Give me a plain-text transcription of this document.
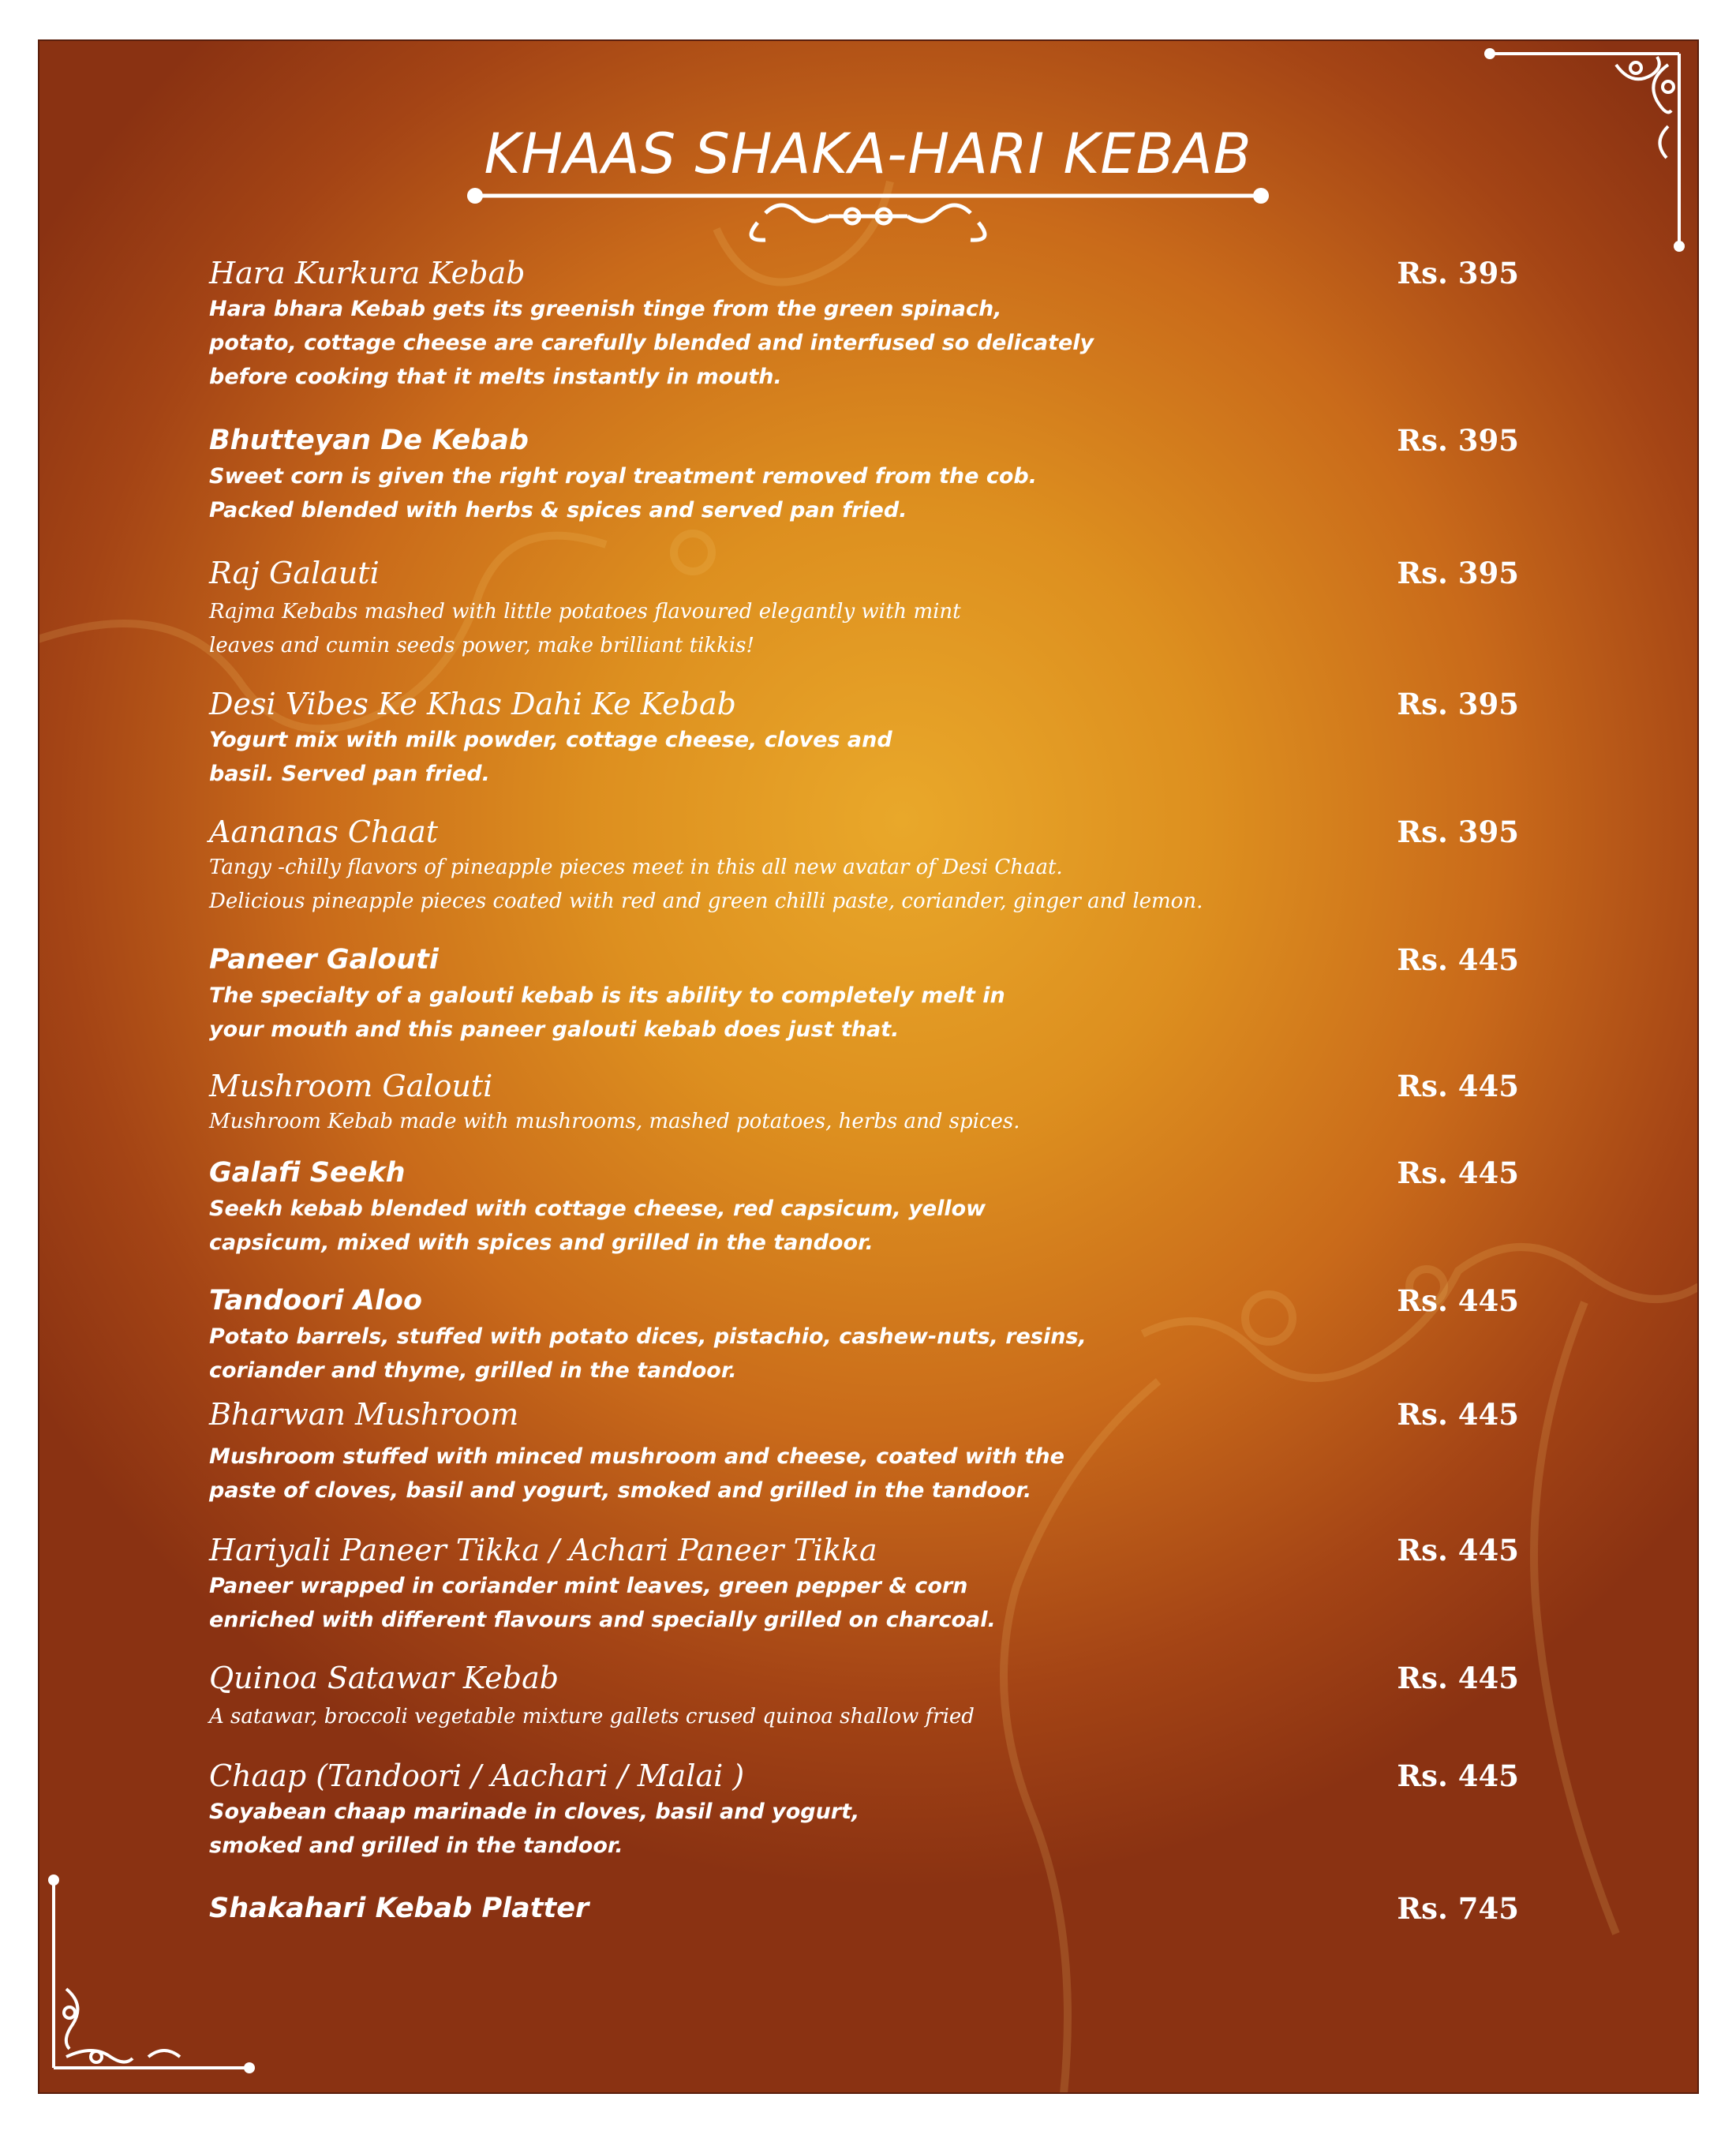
KHAAS SHAKA-HARI KEBAB
Hara Kurkura Kebab
Hara bhara Kebab gets its greenish tinge from the green spinach,
potato, cottage cheese are carefully blended and interfused so delicately
before cooking that it melts instantly in mouth.
Rs. 395
Bhutteyan De Kebab
Sweet corn is given the right royal treatment removed from the cob.
Packed blended with herbs & spices and served pan fried.
Rs. 395
Raj Galauti
Rajma Kebabs mashed with little potatoes flavoured elegantly with mint
leaves and cumin seeds power, make brilliant tikkis!
Rs. 395
Desi Vibes Ke Khas Dahi Ke Kebab
Yogurt mix with milk powder, cottage cheese, cloves and
basil. Served pan fried.
Rs. 395
Aananas Chaat
Tangy -chilly flavors of pineapple pieces meet in this all new avatar of Desi Chaat.
Delicious pineapple pieces coated with red and green chilli paste, coriander, ginger and lemon.
Rs. 395
Paneer Galouti
The specialty of a galouti kebab is its ability to completely melt in
your mouth and this paneer galouti kebab does just that.
Rs. 445
Mushroom Galouti
Mushroom Kebab made with mushrooms, mashed potatoes, herbs and spices.
Rs. 445
Galafi Seekh
Seekh kebab blended with cottage cheese, red capsicum, yellow
capsicum, mixed with spices and grilled in the tandoor.
Rs. 445
Tandoori Aloo
Potato barrels, stuffed with potato dices, pistachio, cashew-nuts, resins,
coriander and thyme, grilled in the tandoor.
Rs. 445
Bharwan Mushroom
Mushroom stuffed with minced mushroom and cheese, coated with the
paste of cloves, basil and yogurt, smoked and grilled in the tandoor.
Rs. 445
Hariyali Paneer Tikka / Achari Paneer Tikka
Paneer wrapped in coriander mint leaves, green pepper & corn
enriched with different flavours and specially grilled on charcoal.
Rs. 445
Quinoa Satawar Kebab
A satawar, broccoli vegetable mixture gallets crused quinoa shallow fried
Rs. 445
Chaap (Tandoori / Aachari / Malai )
Soyabean chaap marinade in cloves, basil and yogurt,
smoked and grilled in the tandoor.
Rs. 445
Shakahari Kebab Platter	Rs. 745
